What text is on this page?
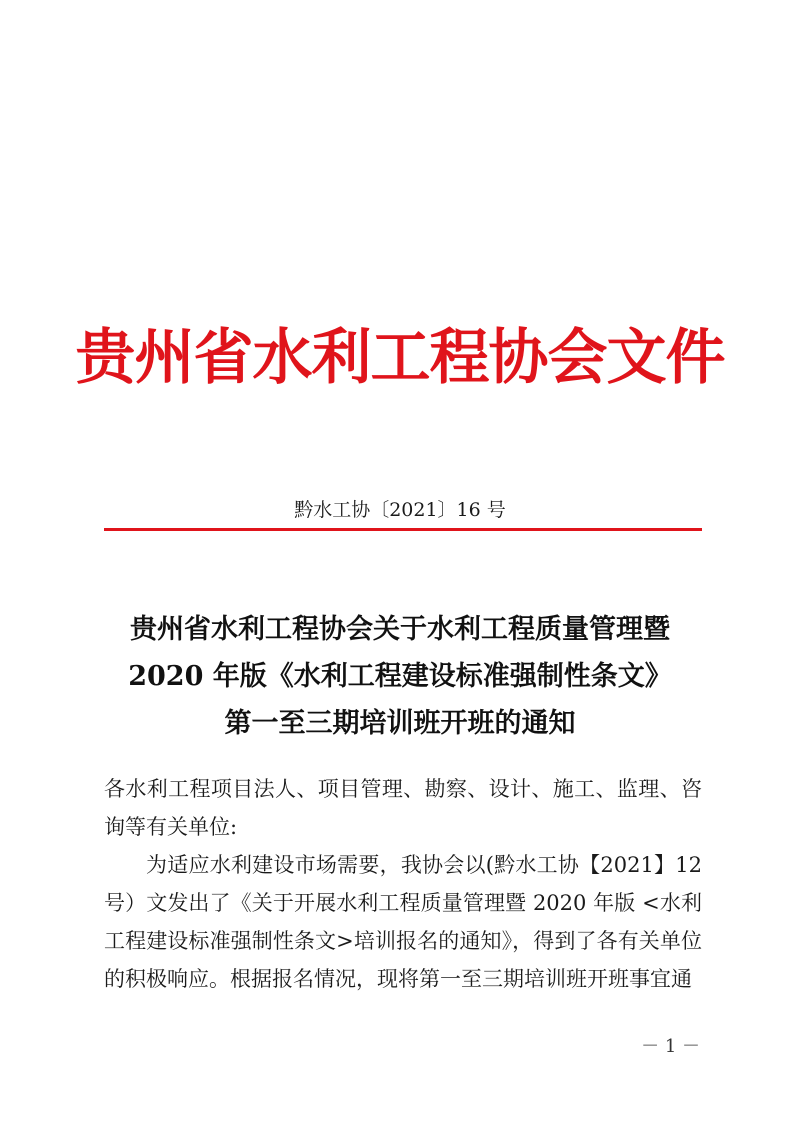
贵州省水利工程协会文件
黔水工协〔2021〕16 号
贵州省水利工程协会关于水利工程质量管理暨
2020 年版《水利工程建设标准强制性条文》
第一至三期培训班开班的通知

各水利工程项目法人、项目管理、勘察、设计、施工、监理、咨询等有关单位:

为适应水利建设市场需要，我协会以(黔水工协【2021】12 号）文发出了《关于开展水利工程质量管理暨 2020 年版 <水利工程建设标准强制性条文>培训报名的通知》，得到了各有关单位的积极响应。根据报名情况，现将第一至三期培训班开班事宜通

－ 1 －
